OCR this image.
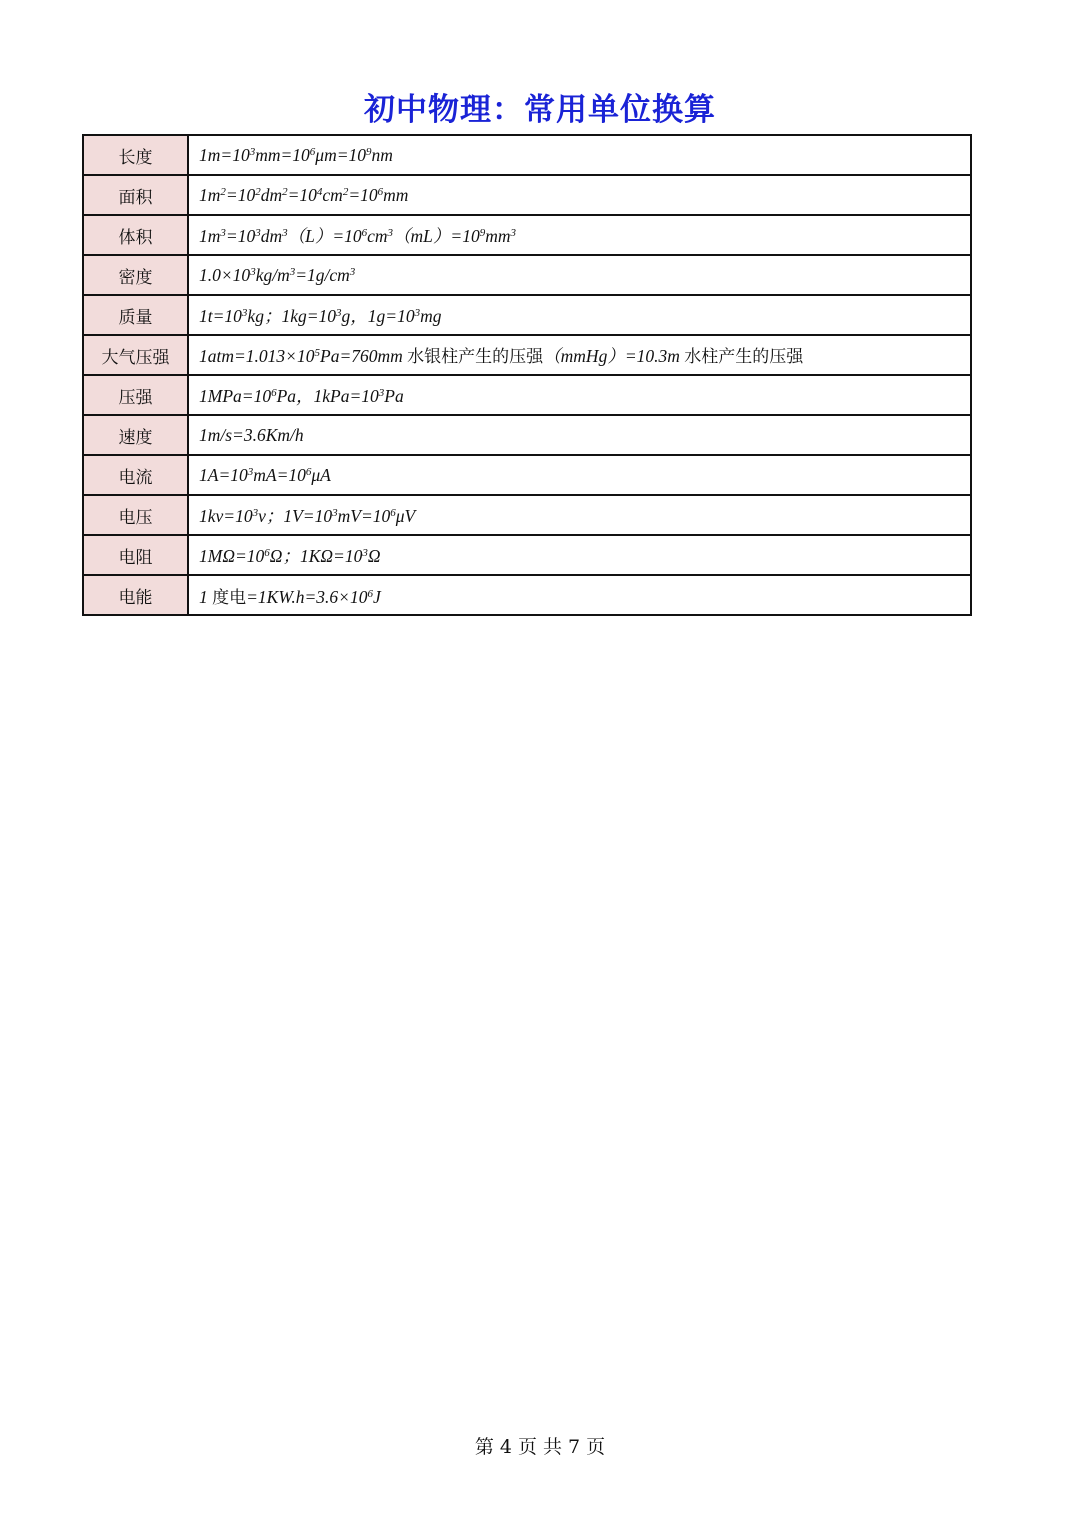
初中物理：常用单位换算
长度	$1m=10^3mm=10^6\mu m=10^9nm$
面积	$1m^2=10^2dm^2=10^4cm^2=10^6mm$
体积	$1m^3=10^3dm^3(L)=10^6cm^3(mL)=10^9mm^3$
密度	$1.0\times 10^3kg/m^3=1g/cm^3$
质量	$1t=10^3kg$；$1kg=10^3g$，$1g=10^3mg$
大气压强	$1atm=1.013\times 10^5Pa=760mm$ 水银柱产生的压强（mmHg）=10.3m 水柱产生的压强
压强	$1MPa=10^6Pa$，$1kPa=10^3Pa$
速度	1m/s=3.6Km/h
电流	$1A=10^3mA=10^6\mu A$
电压	$1kv=10^3v$；$1V=10^3mV=10^6\mu V$
电阻	$1M\Omega=10^6\Omega$；$1K\Omega=10^3\Omega$
电能	1 度电$=1KW.h=3.6\times 10^6J$
第 4 页 共 7 页
